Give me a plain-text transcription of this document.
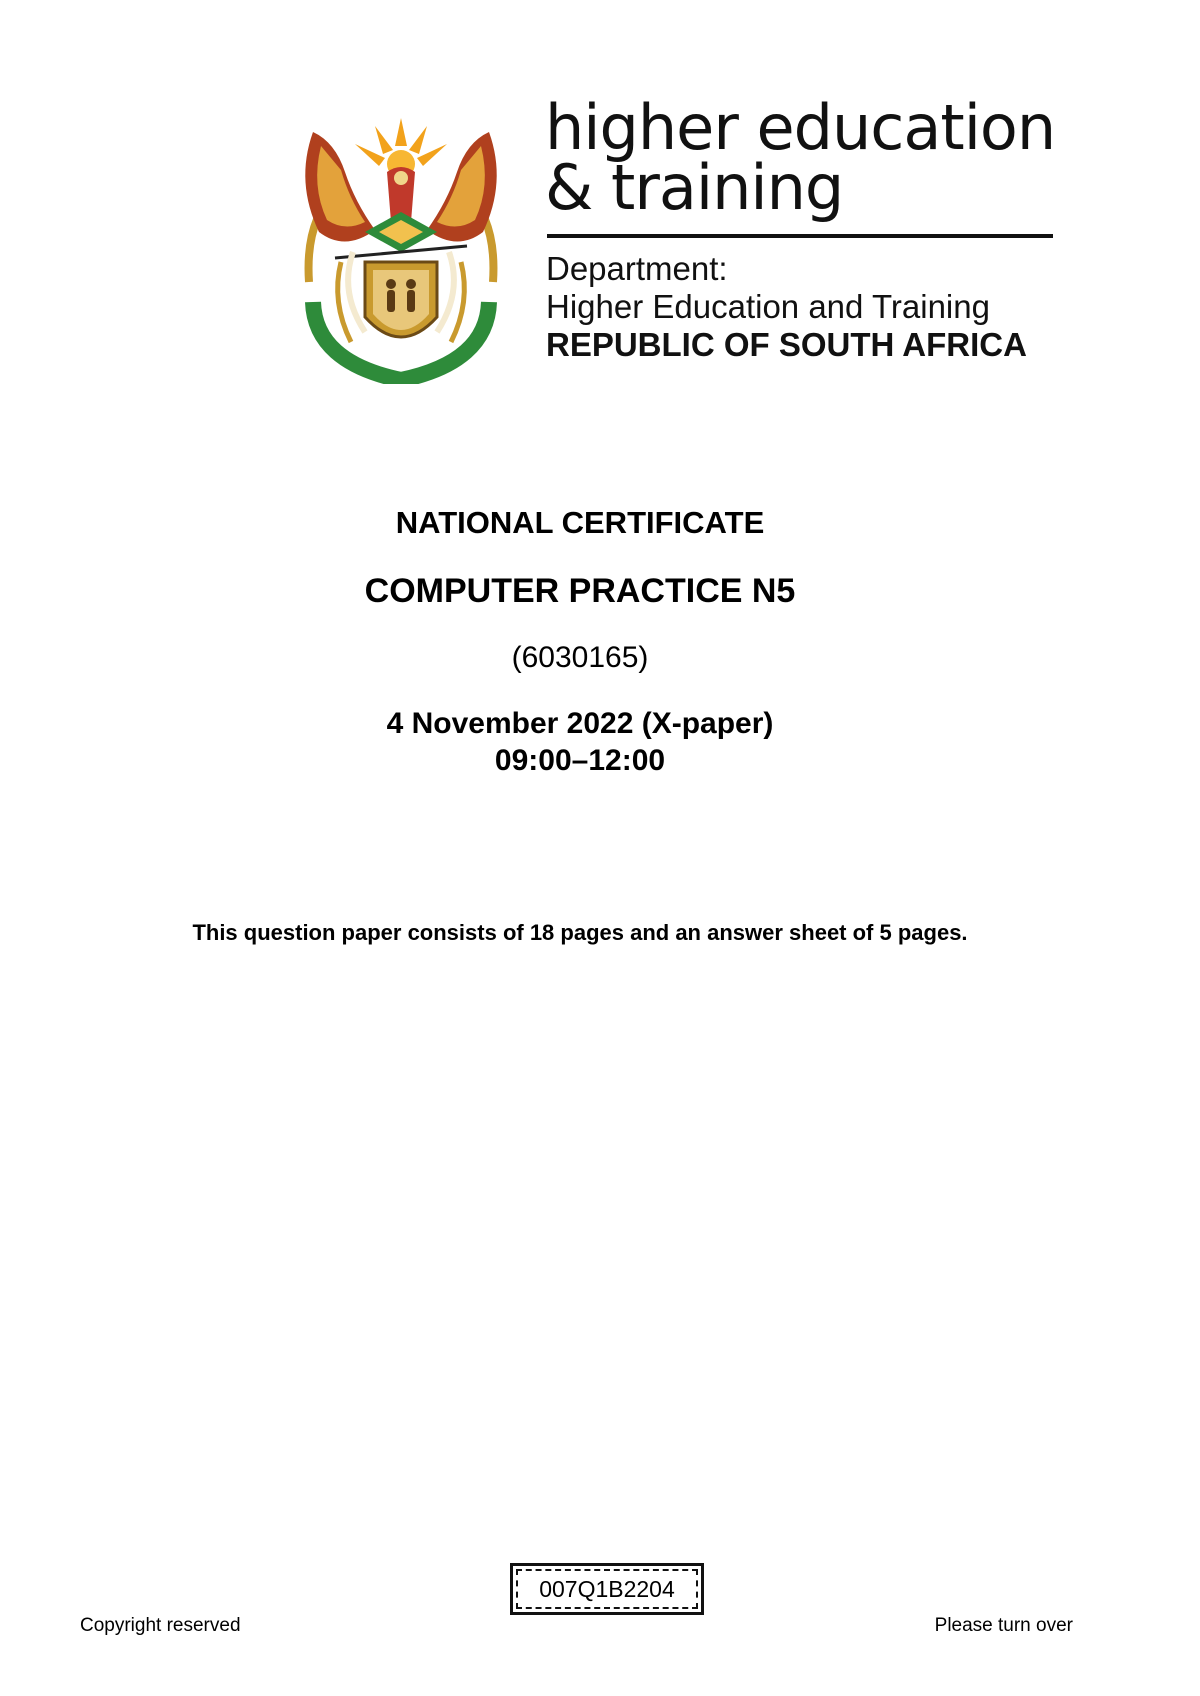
higher education
& training
Department:
Higher Education and Training
REPUBLIC OF SOUTH AFRICA
NATIONAL CERTIFICATE
COMPUTER PRACTICE N5
(6030165)
4 November 2022 (X-paper)
09:00–12:00
This question paper consists of 18 pages and an answer sheet of 5 pages.
007Q1B2204
Copyright reserved	Please turn over
